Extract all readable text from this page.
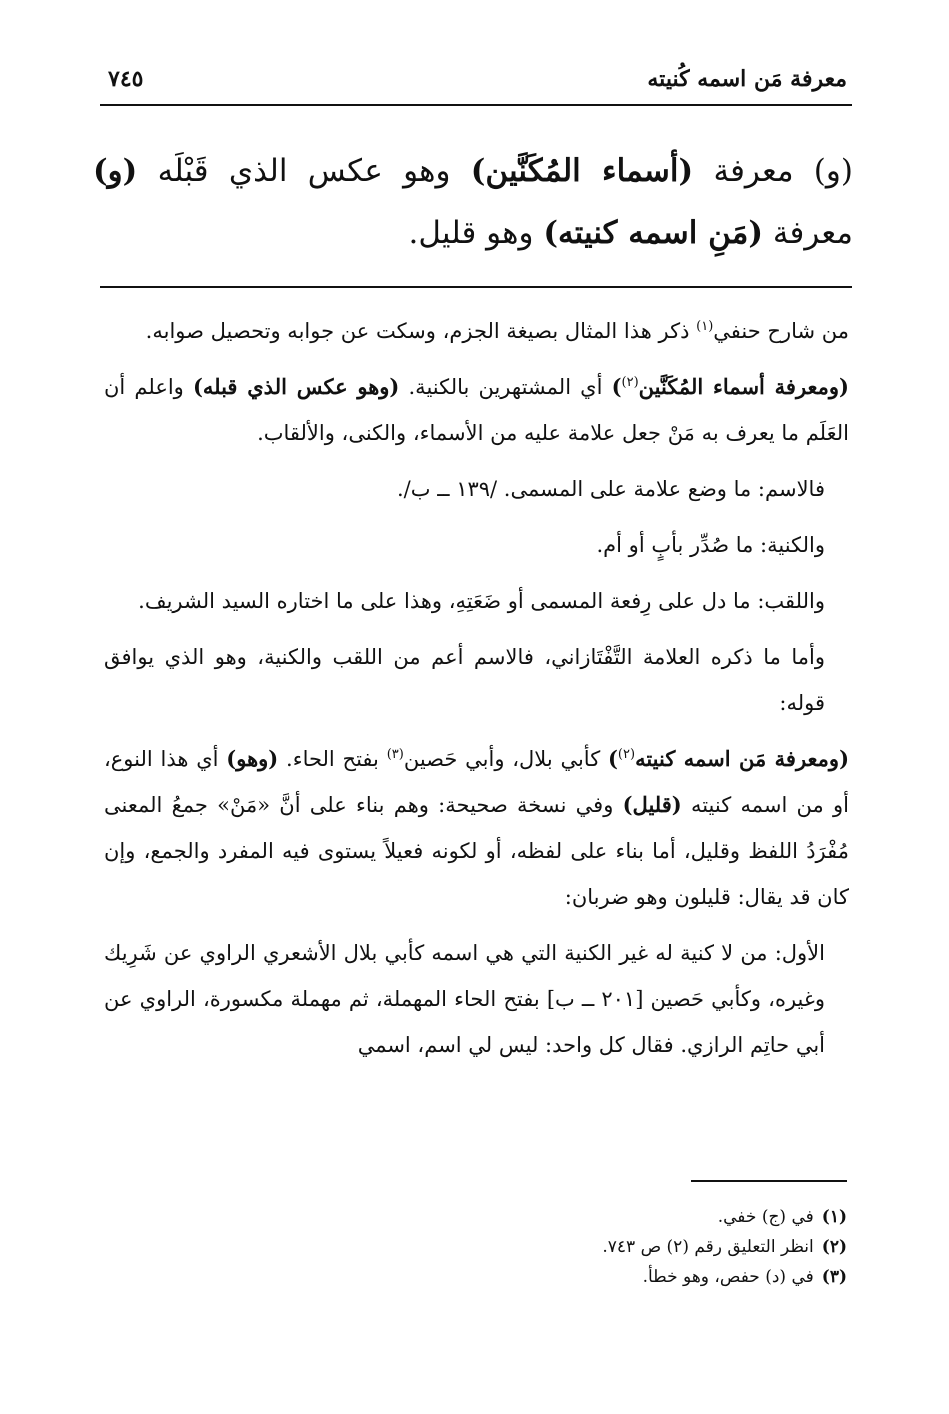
معرفة مَن اسمه كُنيته
٧٤٥
(و) معرفة (أسماء المُكَنَّين) وهو عكس الذي قَبْلَه (و) معرفة (مَنِ اسمه كنيته) وهو قليل.

من شارح حنفي$^{(١)}$ ذكر هذا المثال بصيغة الجزم، وسكت عن جوابه وتحصيل صوابه.

(ومعرفة أسماء المُكَنَّين$^{(٢)}$) أي المشتهرين بالكنية. (وهو عكس الذي قبله) واعلم أن العَلَم ما يعرف به مَنْ جعل علامة عليه من الأسماء، والكنى، والألقاب.

فالاسم: ما وضع علامة على المسمى. /١٣٩ ــ ب/.

والكنية: ما صُدِّر بأبٍ أو أم.

واللقب: ما دل على رِفعة المسمى أو ضَعَتِهِ، وهذا على ما اختاره السيد الشريف.

وأما ما ذكره العلامة التَّفْتَازاني، فالاسم أعم من اللقب والكنية، وهو الذي يوافق قوله:

(ومعرفة مَن اسمه كنيته$^{(٢)}$) كأبي بلال، وأبي حَصين$^{(٣)}$ بفتح الحاء. (وهو) أي هذا النوع، أو من اسمه كنيته (قليل) وفي نسخة صحيحة: وهم بناء على أنَّ «مَنْ» جمعُ المعنى مُفْرَدُ اللفظ وقليل، أما بناء على لفظه، أو لكونه فعيلاً يستوى فيه المفرد والجمع، وإن كان قد يقال: قليلون وهو ضربان:

الأول: من لا كنية له غير الكنية التي هي اسمه كأبي بلال الأشعري الراوي عن شَرِيك وغيره، وكأبي حَصين [٢٠١ ــ ب] بفتح الحاء المهملة، ثم مهملة مكسورة، الراوي عن أبي حاتِم الرازي. فقال كل واحد: ليس لي اسم، اسمي

(١)في (ج) خفي.
(٢)انظر التعليق رقم (٢) ص ٧٤٣.
(٣)في (د) حفص، وهو خطأ.
